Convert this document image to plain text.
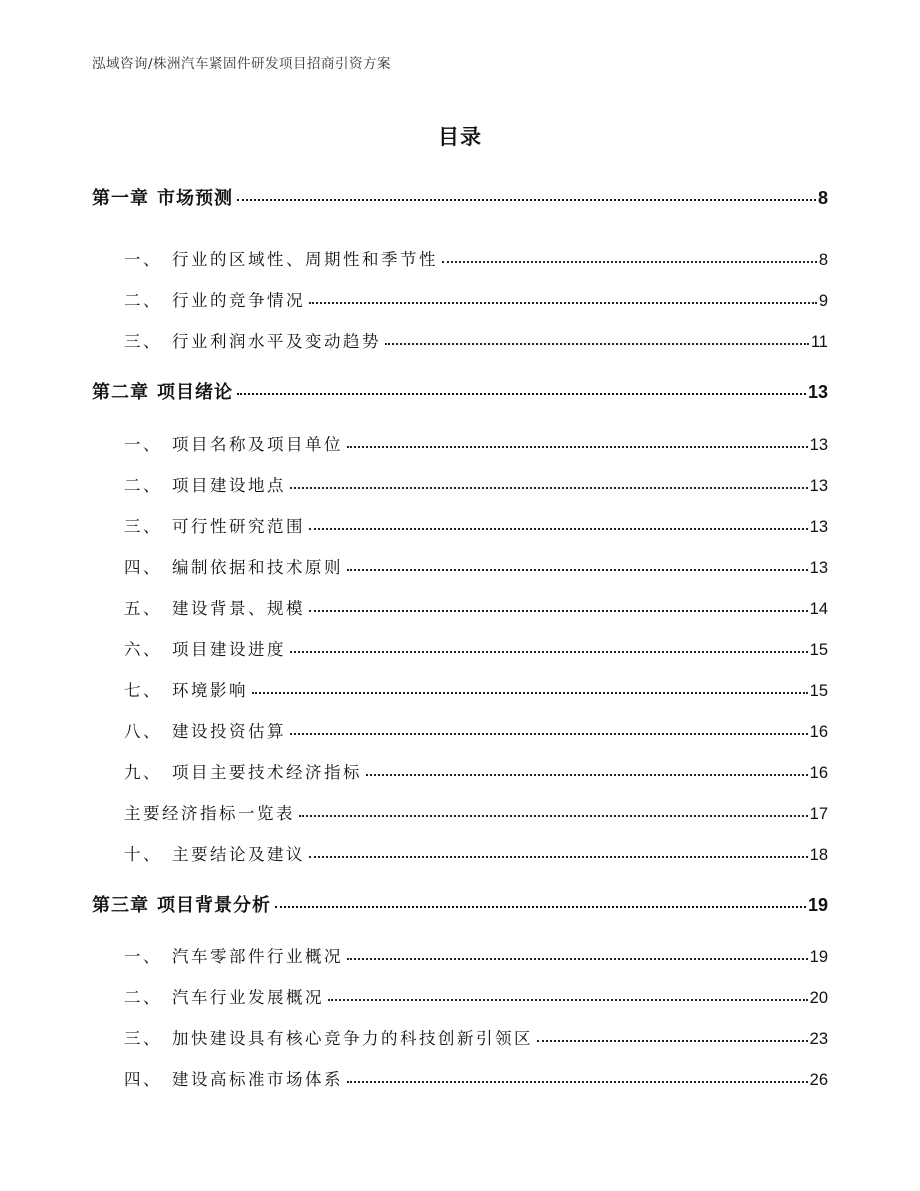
泓域咨询/株洲汽车紧固件研发项目招商引资方案
目录
第一章 市场预测	8
一、 行业的区域性、周期性和季节性	8
二、 行业的竞争情况	9
三、 行业利润水平及变动趋势	11
第二章 项目绪论	13
一、 项目名称及项目单位	13
二、 项目建设地点	13
三、 可行性研究范围	13
四、 编制依据和技术原则	13
五、 建设背景、规模	14
六、 项目建设进度	15
七、 环境影响	15
八、 建设投资估算	16
九、 项目主要技术经济指标	16
主要经济指标一览表	17
十、 主要结论及建议	18
第三章 项目背景分析	19
一、 汽车零部件行业概况	19
二、 汽车行业发展概况	20
三、 加快建设具有核心竞争力的科技创新引领区	23
四、 建设高标准市场体系	26
